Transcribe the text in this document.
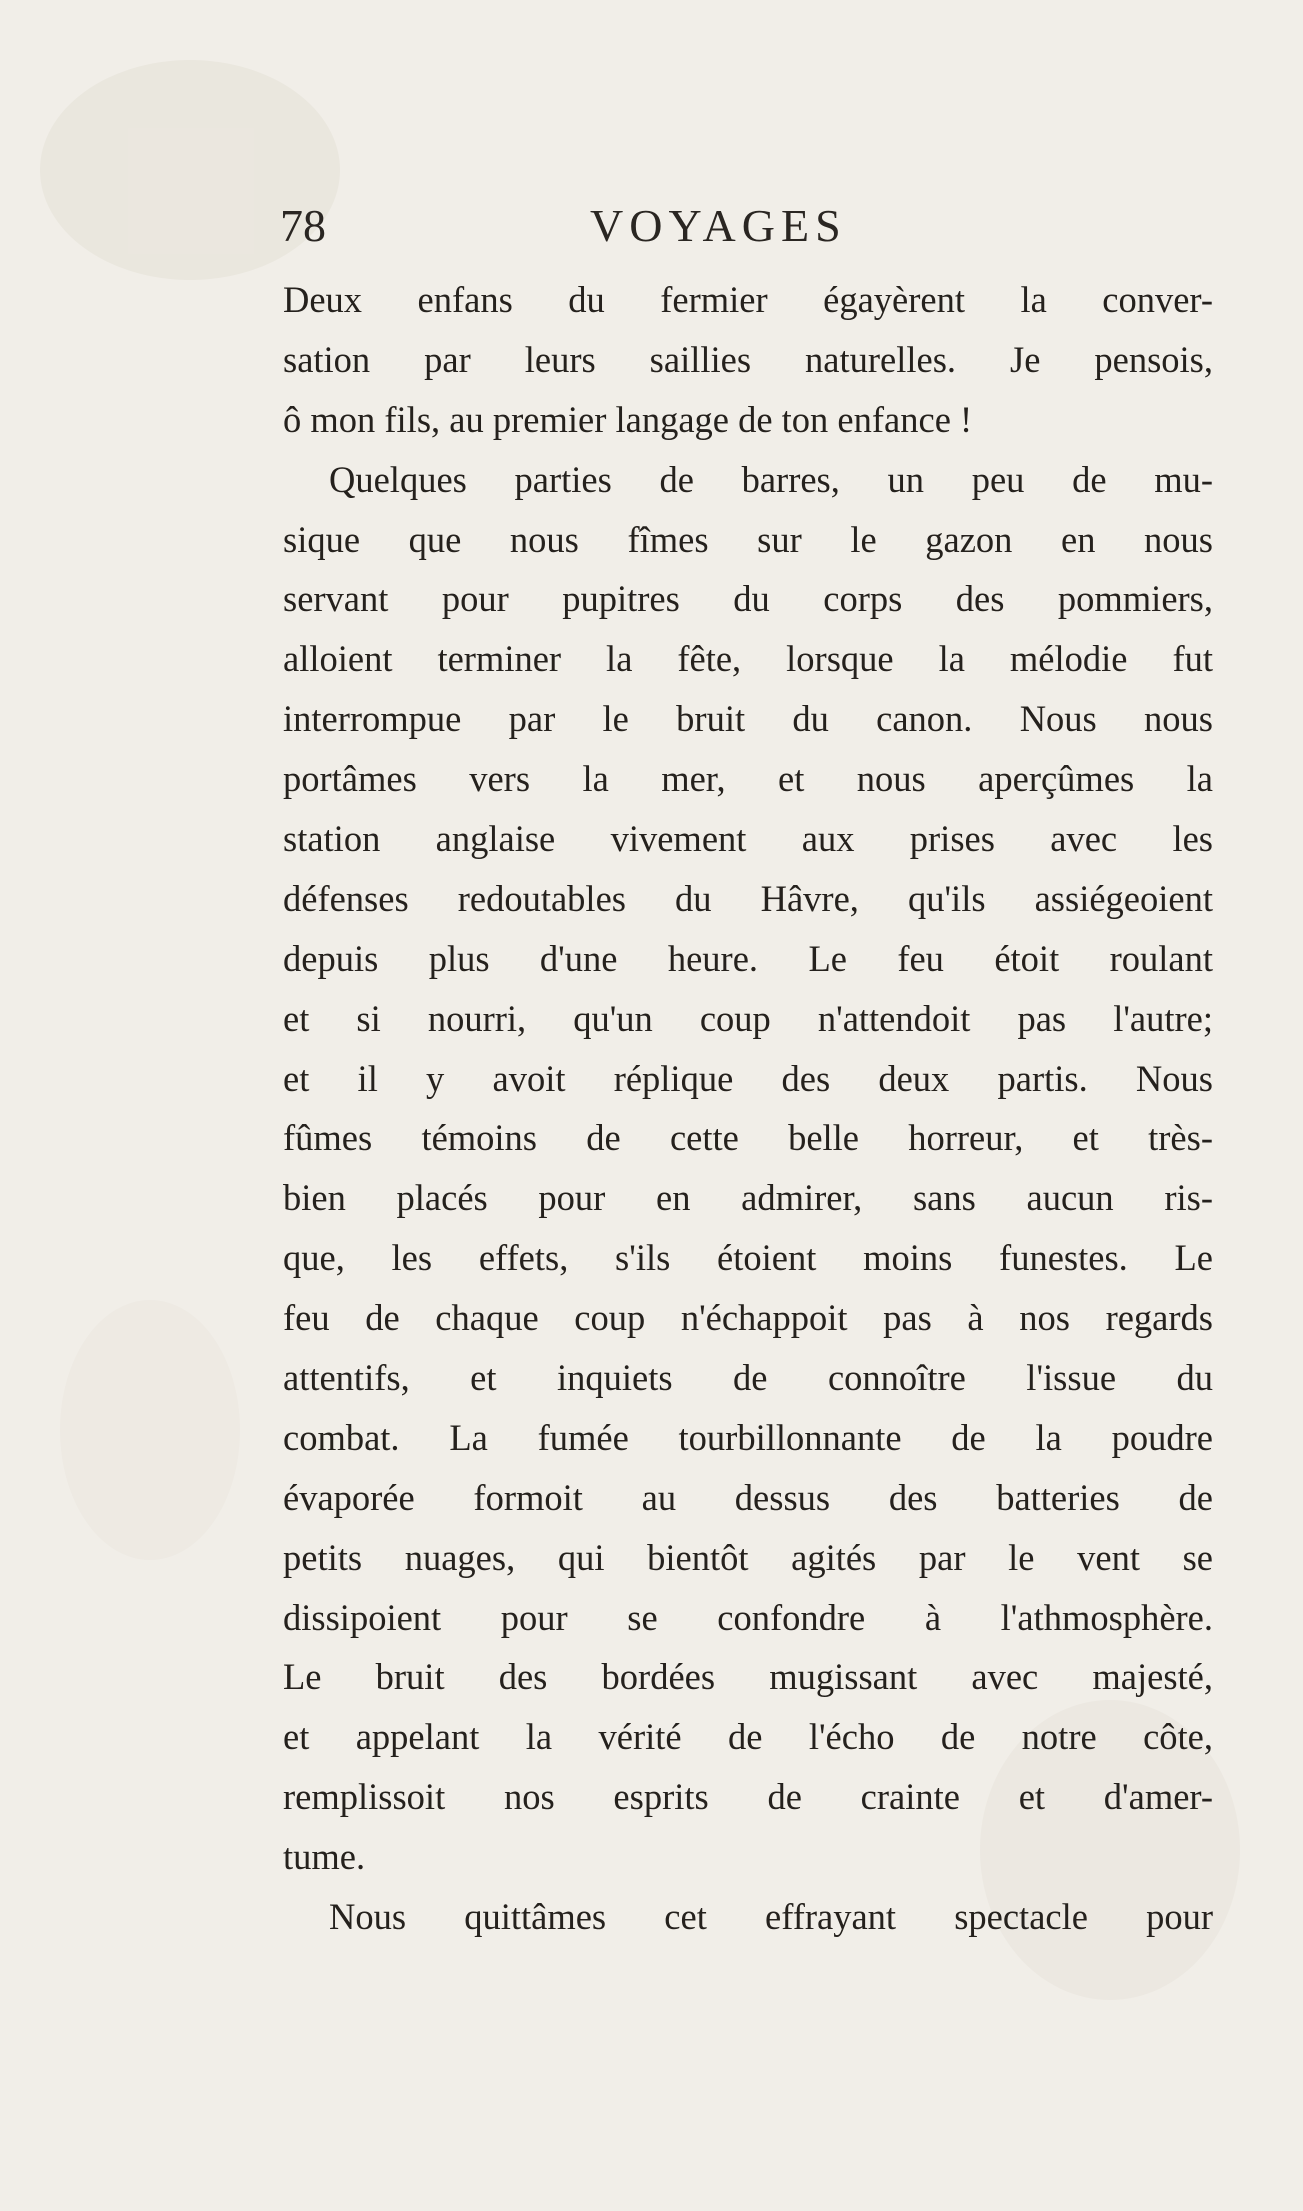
78	VOYAGES
Deux enfans du fermier égayèrent la conver-
sation par leurs saillies naturelles. Je pensois,
ô mon fils, au premier langage de ton enfance !
Quelques parties de barres, un peu de mu-
sique que nous fîmes sur le gazon en nous
servant pour pupitres du corps des pommiers,
alloient terminer la fête, lorsque la mélodie fut
interrompue par le bruit du canon. Nous nous
portâmes vers la mer, et nous aperçûmes la
station anglaise vivement aux prises avec les
défenses redoutables du Hâvre, qu'ils assiégeoient
depuis plus d'une heure. Le feu étoit roulant
et si nourri, qu'un coup n'attendoit pas l'autre;
et il y avoit réplique des deux partis. Nous
fûmes témoins de cette belle horreur, et très-
bien placés pour en admirer, sans aucun ris-
que, les effets, s'ils étoient moins funestes. Le
feu de chaque coup n'échappoit pas à nos regards
attentifs, et inquiets de connoître l'issue du
combat. La fumée tourbillonnante de la poudre
évaporée formoit au dessus des batteries de
petits nuages, qui bientôt agités par le vent se
dissipoient pour se confondre à l'athmosphère.
Le bruit des bordées mugissant avec majesté,
et appelant la vérité de l'écho de notre côte,
remplissoit nos esprits de crainte et d'amer-
tume.
Nous quittâmes cet effrayant spectacle pour
